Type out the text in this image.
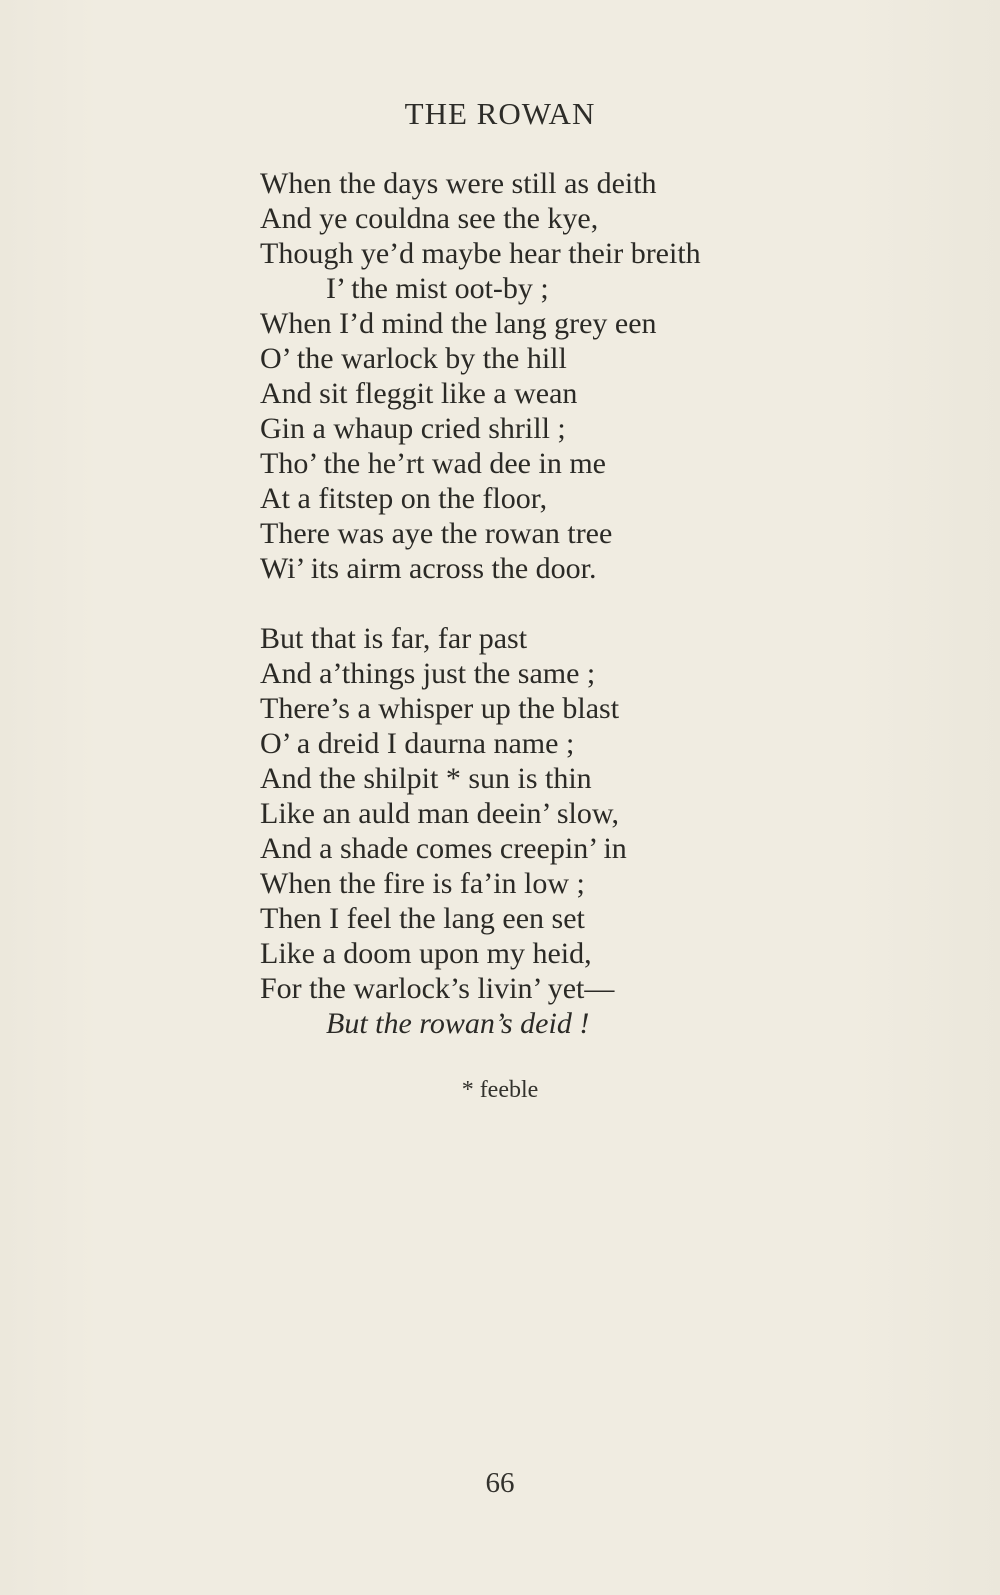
THE ROWAN
When the days were still as deith
And ye couldna see the kye,
Though ye’d maybe hear their breith
I’ the mist oot-by ;
When I’d mind the lang grey een
O’ the warlock by the hill
And sit fleggit like a wean
Gin a whaup cried shrill ;
Tho’ the he’rt wad dee in me
At a fitstep on the floor,
There was aye the rowan tree
Wi’ its airm across the door.
But that is far, far past
And a’things just the same ;
There’s a whisper up the blast
O’ a dreid I daurna name ;
And the shilpit * sun is thin
Like an auld man deein’ slow,
And a shade comes creepin’ in
When the fire is fa’in low ;
Then I feel the lang een set
Like a doom upon my heid,
For the warlock’s livin’ yet—
But the rowan’s deid !
* feeble
66
